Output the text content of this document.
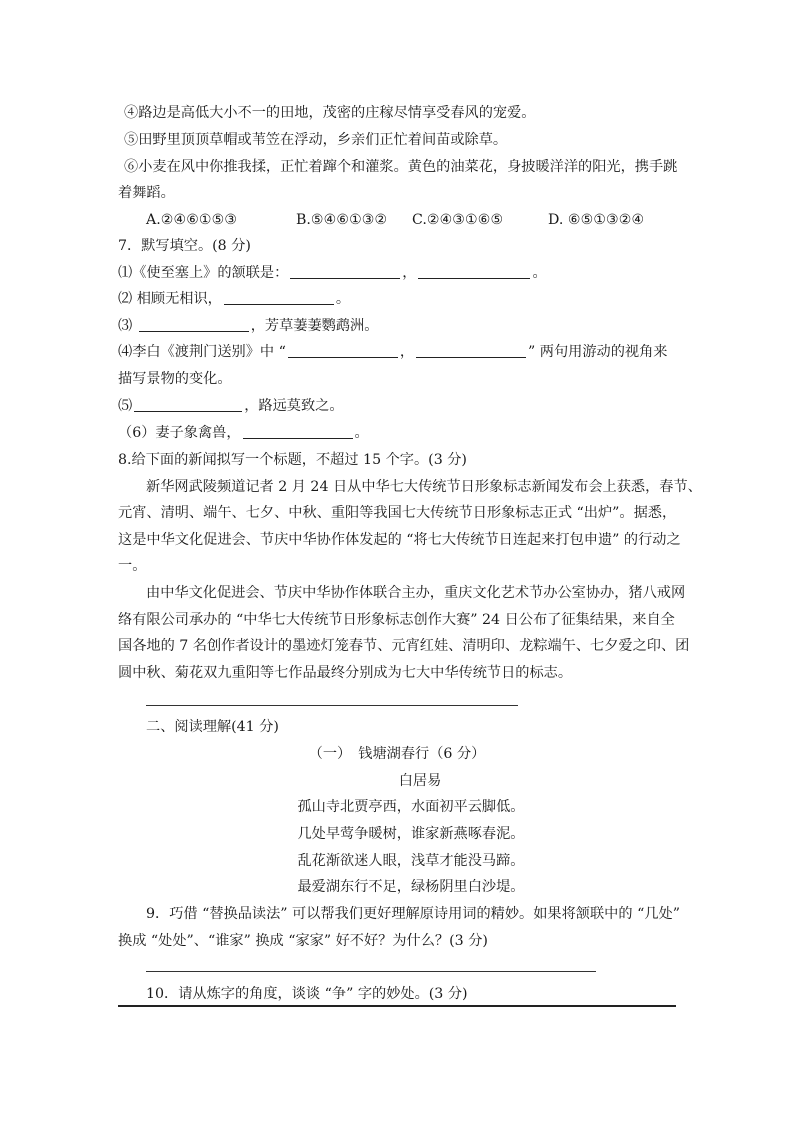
④路边是高低大小不一的田地，茂密的庄稼尽情享受春风的宠爱。
⑤田野里顶顶草帽或苇笠在浮动，乡亲们正忙着间苗或除草。
⑥小麦在风中你推我揉，正忙着蹿个和灌浆。黄色的油菜花，身披暖洋洋的阳光，携手跳
着舞蹈。
A.②④⑥①⑤③	B.⑤④⑥①③② C.②④③①⑥⑤	D. ⑥⑤①③②④
7．默写填空。(8 分)
⑴《使至塞上》的颔联是：	，	。
⑵ 相顾无相识，	。
⑶	，芳草萋萋鹦鹉洲。
⑷李白《渡荆门送别》中 “	，	” 两句用游动的视角来
描写景物的变化。
⑸	，路远莫致之。
（6）妻子象禽兽，	。
8.给下面的新闻拟写一个标题，不超过 15 个字。(3 分)
新华网武陵频道记者 2 月 24 日从中华七大传统节日形象标志新闻发布会上获悉，春节、
元宵、清明、端午、七夕、中秋、重阳等我国七大传统节日形象标志正式 “出炉”。据悉，
这是中华文化促进会、节庆中华协作体发起的 “将七大传统节日连起来打包申遗” 的行动之
一。
由中华文化促进会、节庆中华协作体联合主办，重庆文化艺术节办公室协办，猪八戒网
络有限公司承办的 “中华七大传统节日形象标志创作大赛” 24 日公布了征集结果，来自全
国各地的 7 名创作者设计的墨迹灯笼春节、元宵红娃、清明印、龙粽端午、七夕爱之印、团
圆中秋、菊花双九重阳等七作品最终分别成为七大中华传统节日的标志。
二、阅读理解(41 分)
（一）　钱塘湖春行（6 分）
白居易
孤山寺北贾亭西，水面初平云脚低。
几处早莺争暖树，谁家新燕啄春泥。
乱花渐欲迷人眼，浅草才能没马蹄。
最爱湖东行不足，绿杨阴里白沙堤。
9．巧借 “替换品读法” 可以帮我们更好理解原诗用词的精妙。如果将颔联中的 “几处”
换成 “处处”、“谁家” 换成 “家家” 好不好？为什么？(3 分)
10．请从炼字的角度，谈谈 “争” 字的妙处。(3 分)
